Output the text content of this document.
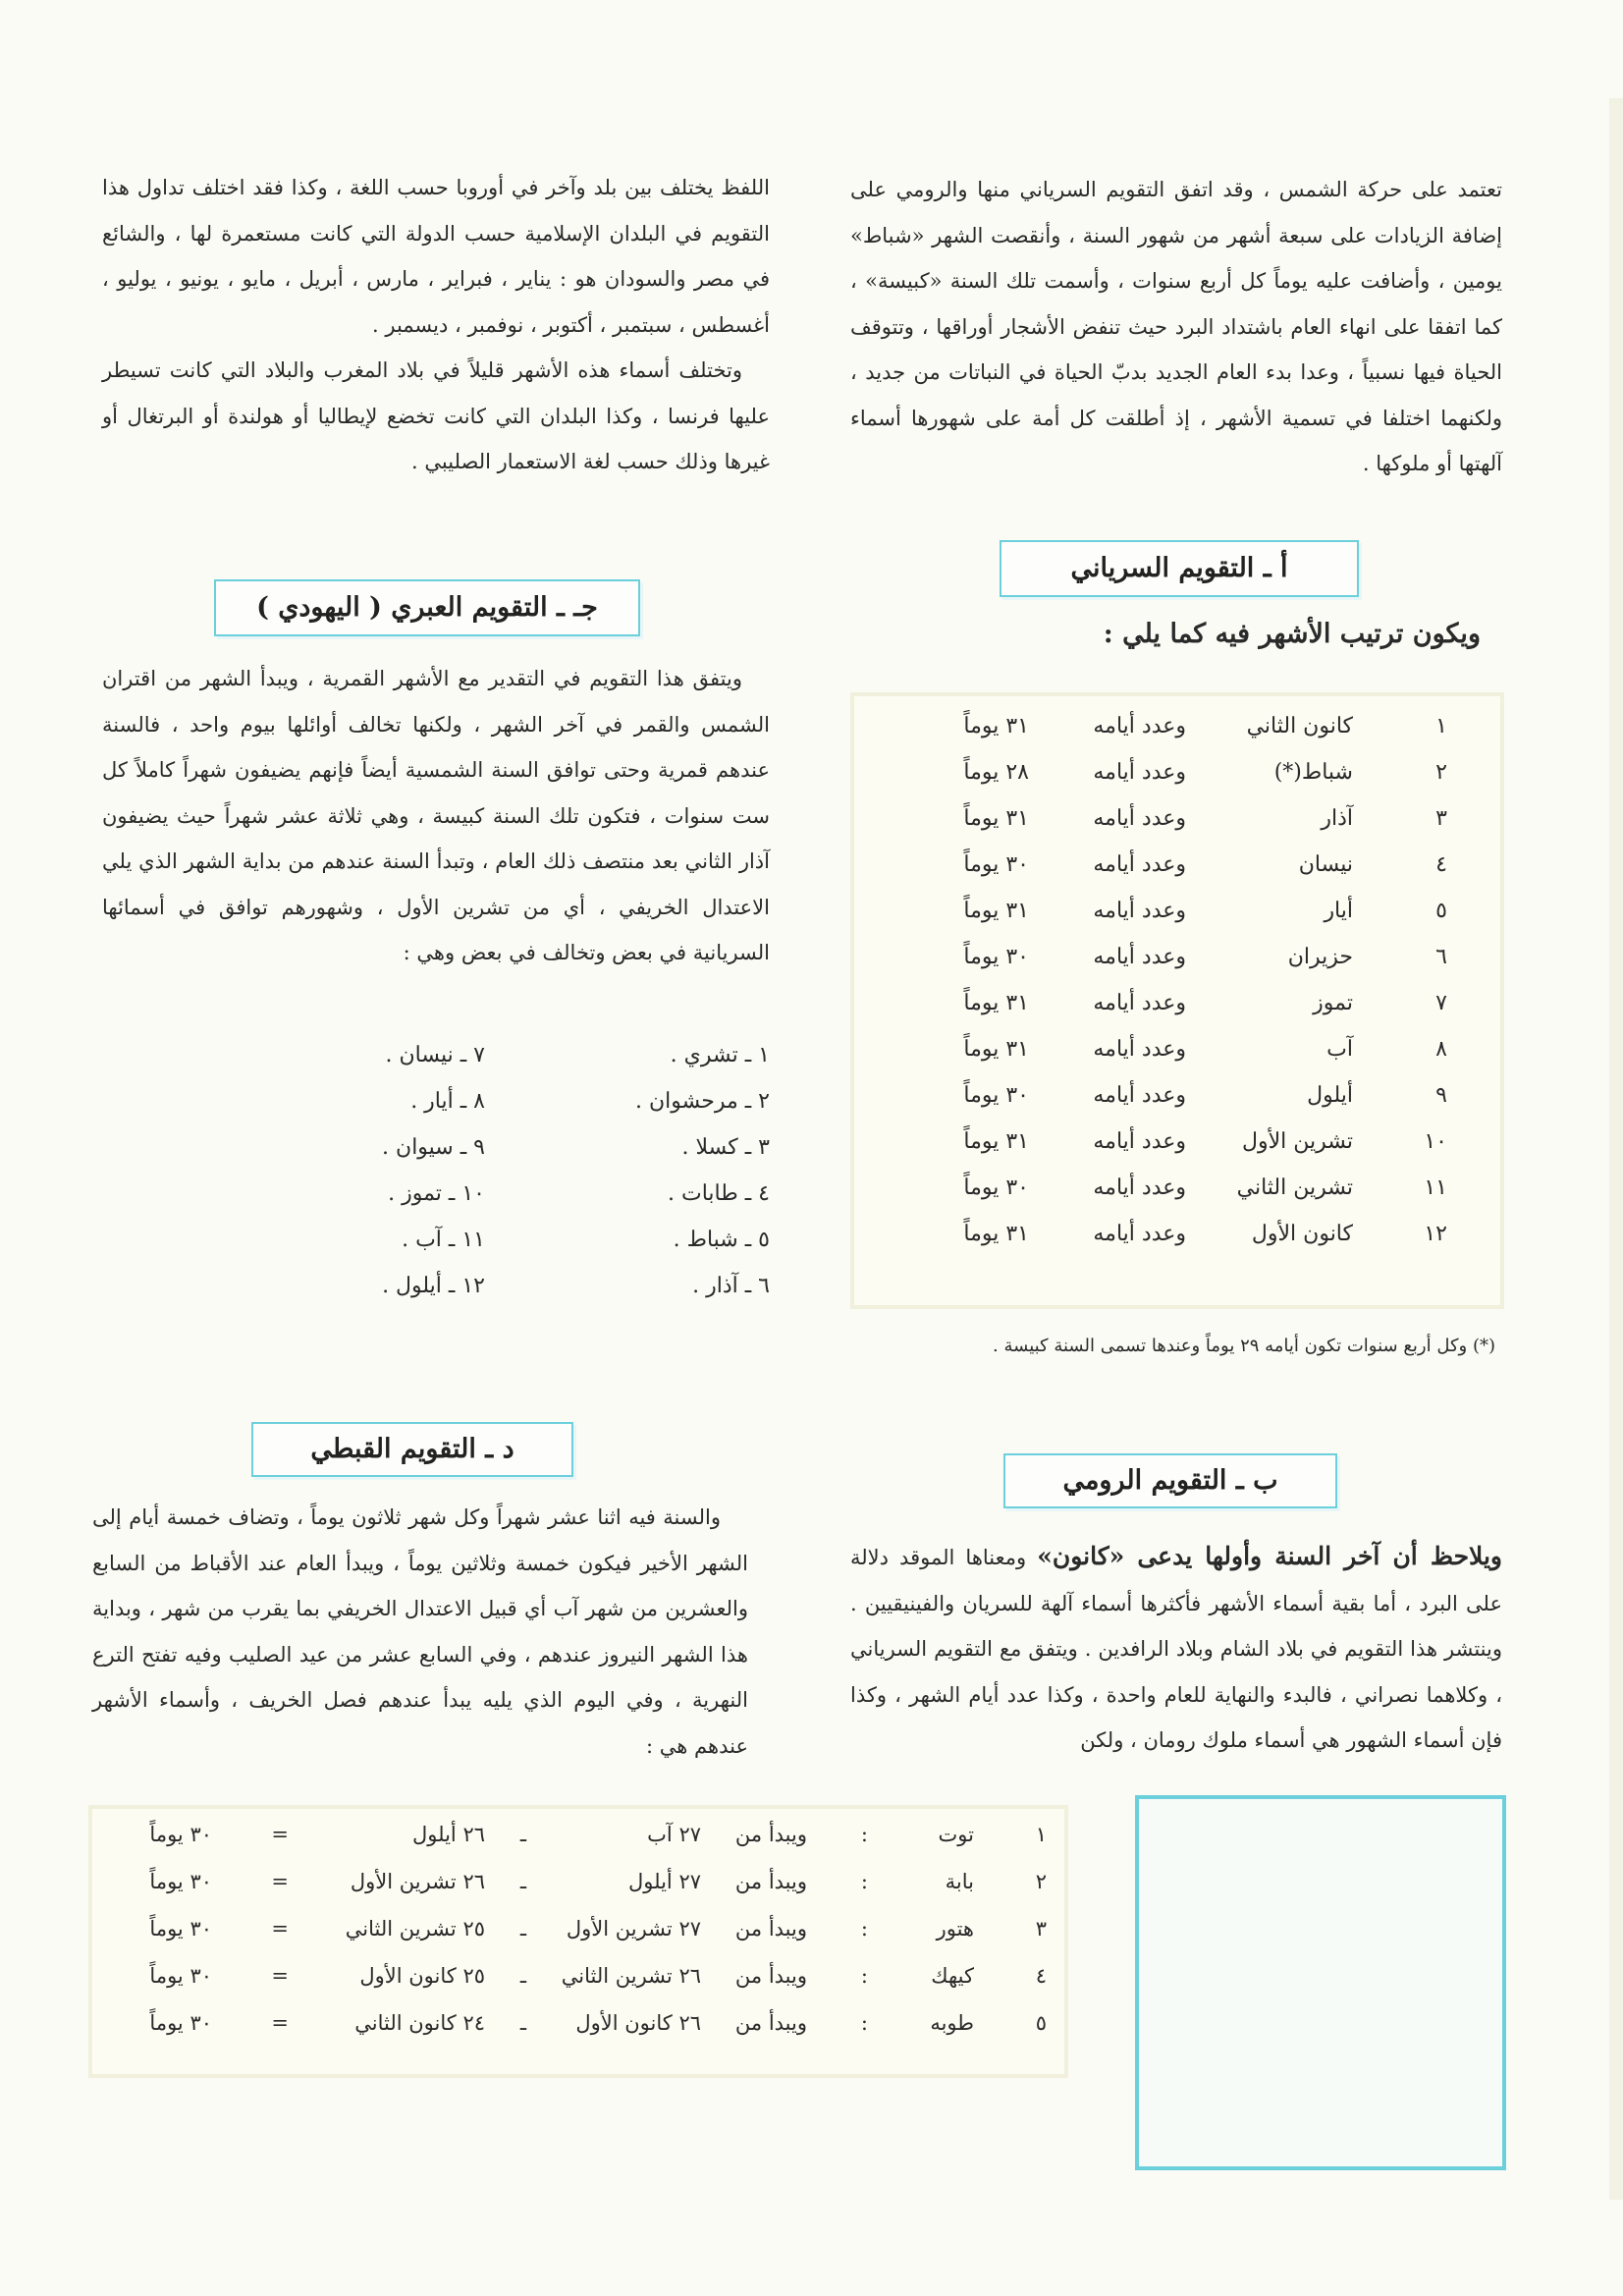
تعتمد على حركة الشمس ، وقد اتفق التقويم السرياني منها والرومي على إضافة الزيادات على سبعة أشهر من شهور السنة ، وأنقصت الشهر «شباط» يومين ، وأضافت عليه يوماً كل أربع سنوات ، وأسمت تلك السنة «كبيسة» ، كما اتفقا على انهاء العام باشتداد البرد حيث تنفض الأشجار أوراقها ، وتتوقف الحياة فيها نسبياً ، وعدا بدء العام الجديد بدبّ الحياة في النباتات من جديد ، ولكنهما اختلفا في تسمية الأشهر ، إذ أطلقت كل أمة على شهورها أسماء آلهتها أو ملوكها .

أ ـ التقويم السرياني
ويكون ترتيب الأشهر فيه كما يلي :
١
كانون الثاني
وعدد أيامه
٣١ يوماً
٢
شباط(*)
وعدد أيامه
٢٨ يوماً
٣
آذار
وعدد أيامه
٣١ يوماً
٤
نيسان
وعدد أيامه
٣٠ يوماً
٥
أيار
وعدد أيامه
٣١ يوماً
٦
حزيران
وعدد أيامه
٣٠ يوماً
٧
تموز
وعدد أيامه
٣١ يوماً
٨
آب
وعدد أيامه
٣١ يوماً
٩
أيلول
وعدد أيامه
٣٠ يوماً
١٠
تشرين الأول
وعدد أيامه
٣١ يوماً
١١
تشرين الثاني
وعدد أيامه
٣٠ يوماً
١٢
كانون الأول
وعدد أيامه
٣١ يوماً
(*) وكل أربع سنوات تكون أيامه ٢٩ يوماً وعندها تسمى السنة كبيسة .
ب ـ التقويم الرومي

ويلاحظ أن آخر السنة وأولها يدعى «كانون» ومعناها الموقد دلالة على البرد ، أما بقية أسماء الأشهر فأكثرها أسماء آلهة للسريان والفينيقيين . وينتشر هذا التقويم في بلاد الشام وبلاد الرافدين . ويتفق مع التقويم السرياني ، وكلاهما نصراني ، فالبدء والنهاية للعام واحدة ، وكذا عدد أيام الشهر ، وكذا فإن أسماء الشهور هي أسماء ملوك رومان ، ولكن

اللفظ يختلف بين بلد وآخر في أوروبا حسب اللغة ، وكذا فقد اختلف تداول هذا التقويم في البلدان الإسلامية حسب الدولة التي كانت مستعمرة لها ، والشائع في مصر والسودان هو : يناير ، فبراير ، مارس ، أبريل ، مايو ، يونيو ، يوليو ، أغسطس ، سبتمبر ، أكتوبر ، نوفمبر ، ديسمبر .

وتختلف أسماء هذه الأشهر قليلاً في بلاد المغرب والبلاد التي كانت تسيطر عليها فرنسا ، وكذا البلدان التي كانت تخضع لإيطاليا أو هولندة أو البرتغال أو غيرها وذلك حسب لغة الاستعمار الصليبي .

جـ ـ التقويم العبري ( اليهودي )

ويتفق هذا التقويم في التقدير مع الأشهر القمرية ، ويبدأ الشهر من اقتران الشمس والقمر في آخر الشهر ، ولكنها تخالف أوائلها بيوم واحد ، فالسنة عندهم قمرية وحتى توافق السنة الشمسية أيضاً فإنهم يضيفون شهراً كاملاً كل ست سنوات ، فتكون تلك السنة كبيسة ، وهي ثلاثة عشر شهراً حيث يضيفون آذار الثاني بعد منتصف ذلك العام ، وتبدأ السنة عندهم من بداية الشهر الذي يلي الاعتدال الخريفي ، أي من تشرين الأول ، وشهورهم توافق في أسمائها السريانية في بعض وتخالف في بعض وهي :

١ ـ تشري .
٧ ـ نيسان .
٢ ـ مرحشوان .
٨ ـ أيار .
٣ ـ كسلا .
٩ ـ سيوان .
٤ ـ طابات .
١٠ ـ تموز .
٥ ـ شباط .
١١ ـ آب .
٦ ـ آذار .
١٢ ـ أيلول .
د ـ التقويم القبطي

والسنة فيه اثنا عشر شهراً وكل شهر ثلاثون يوماً ، وتضاف خمسة أيام إلى الشهر الأخير فيكون خمسة وثلاثين يوماً ، ويبدأ العام عند الأقباط من السابع والعشرين من شهر آب أي قبيل الاعتدال الخريفي بما يقرب من شهر ، وبداية هذا الشهر النيروز عندهم ، وفي السابع عشر من عيد الصليب وفيه تفتح الترع النهرية ، وفي اليوم الذي يليه يبدأ عندهم فصل الخريف ، وأسماء الأشهر عندهم هي :

١
توت
:
ويبدأ من
٢٧ آب
ـ
٢٦ أيلول
=
٣٠ يوماً
٢
بابة
:
ويبدأ من
٢٧ أيلول
ـ
٢٦ تشرين الأول
=
٣٠ يوماً
٣
هتور
:
ويبدأ من
٢٧ تشرين الأول
ـ
٢٥ تشرين الثاني
=
٣٠ يوماً
٤
كيهك
:
ويبدأ من
٢٦ تشرين الثاني
ـ
٢٥ كانون الأول
=
٣٠ يوماً
٥
طوبه
:
ويبدأ من
٢٦ كانون الأول
ـ
٢٤ كانون الثاني
=
٣٠ يوماً
